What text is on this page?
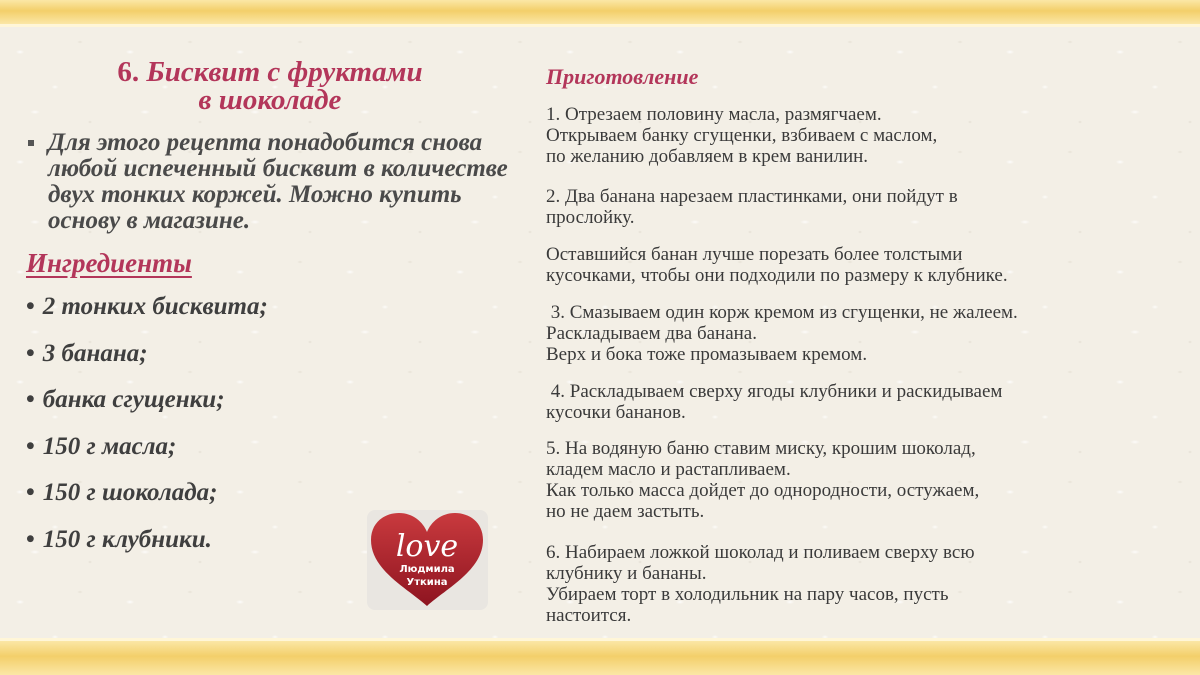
6. Бисквит с фруктами
в шоколаде
Для этого рецепта понадобится снова любой испеченный бисквит в количестве двух тонких коржей. Можно купить основу в магазине.
Ингредиенты
• 2 тонких бисквита;
• 3 банана;
• банка сгущенки;
• 150 г масла;
• 150 г шоколада;
• 150 г клубники.	love
Людмила
Уткина
Приготовление
1. Отрезаем половину масла, размягчаем.
Открываем банку сгущенки, взбиваем с маслом,
по желанию добавляем в крем ванилин.
2. Два банана нарезаем пластинками, они пойдут в
прослойку.
Оставшийся банан лучше порезать более толстыми
кусочками, чтобы они подходили по размеру к клубнике.
3. Смазываем один корж кремом из сгущенки, не жалеем.
Раскладываем два банана.
Верх и бока тоже промазываем кремом.
4. Раскладываем сверху ягоды клубники и раскидываем
кусочки бананов.
5. На водяную баню ставим миску, крошим шоколад,
кладем масло и растапливаем.
Как только масса дойдет до однородности, остужаем,
но не даем застыть.
6. Набираем ложкой шоколад и поливаем сверху всю
клубнику и бананы.
Убираем торт в холодильник на пару часов, пусть
настоится.
